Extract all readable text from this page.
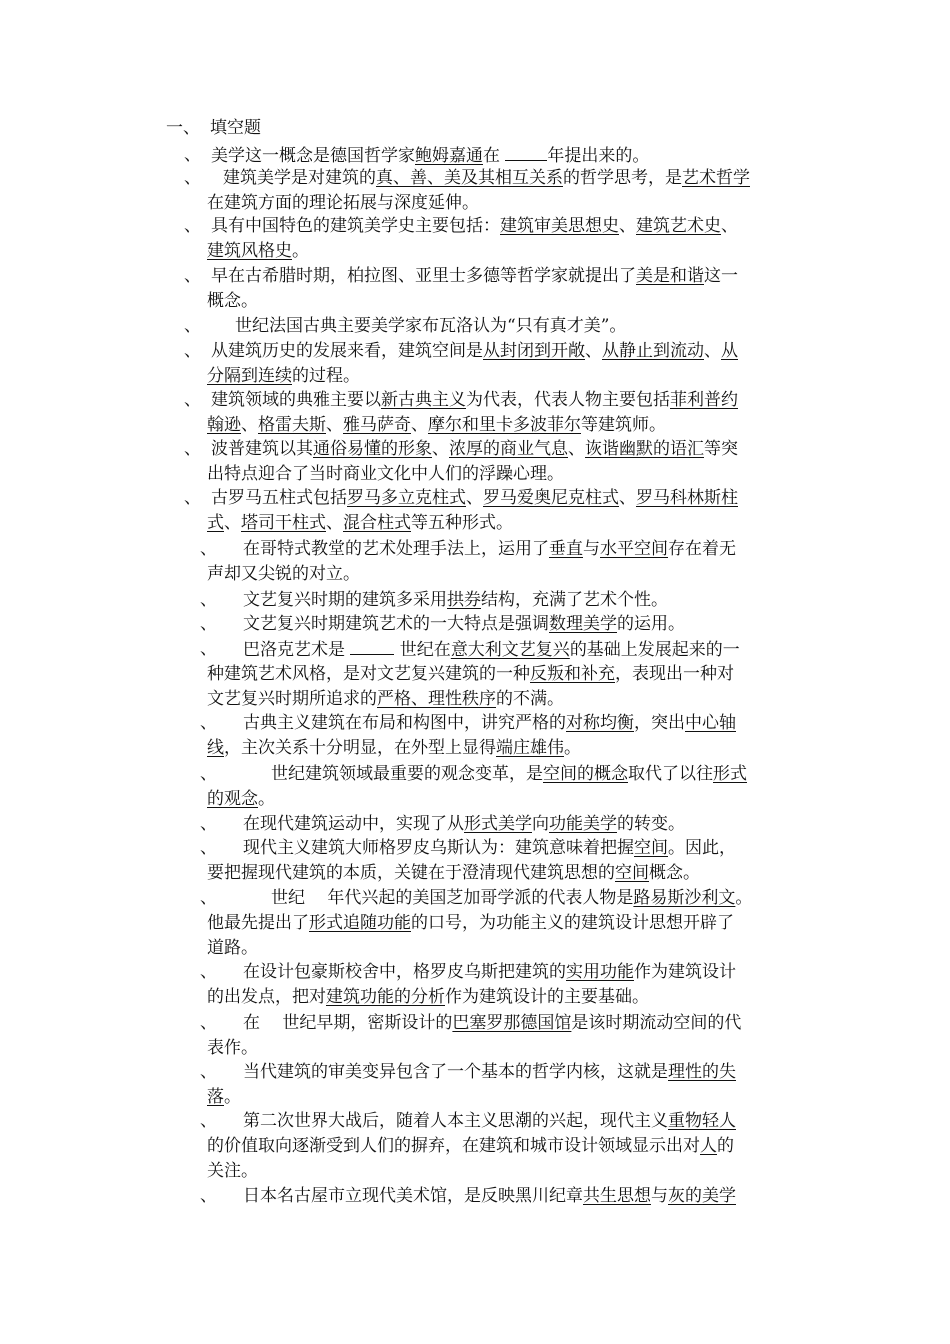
一、 填空题
、 美学这一概念是德国哲学家鲍姆嘉通在 年提出来的。
、	建筑美学是对建筑的真、善、美及其相互关系的哲学思考，是艺术哲学
在建筑方面的理论拓展与深度延伸。
、 具有中国特色的建筑美学史主要包括：建筑审美思想史、建筑艺术史、
建筑风格史。
、 早在古希腊时期，柏拉图、亚里士多德等哲学家就提出了美是和谐这一
概念。
、	世纪法国古典主要美学家布瓦洛认为“只有真才美”。
、 从建筑历史的发展来看，建筑空间是从封闭到开敞、从静止到流动、从
分隔到连续的过程。
、 建筑领域的典雅主要以新古典主义为代表，代表人物主要包括菲利普约
翰逊、格雷夫斯、雅马萨奇、摩尔和里卡多波菲尔等建筑师。
、 波普建筑以其通俗易懂的形象、浓厚的商业气息、诙谐幽默的语汇等突
出特点迎合了当时商业文化中人们的浮躁心理。
、 古罗马五柱式包括罗马多立克柱式、罗马爱奥尼克柱式、罗马科林斯柱
式、塔司干柱式、混合柱式等五种形式。
、	在哥特式教堂的艺术处理手法上，运用了垂直与水平空间存在着无
声却又尖锐的对立。
、	文艺复兴时期的建筑多采用拱券结构，充满了艺术个性。
、	文艺复兴时期建筑艺术的一大特点是强调数理美学的运用。
、	巴洛克艺术是	世纪在意大利文艺复兴的基础上发展起来的一
种建筑艺术风格，是对文艺复兴建筑的一种反叛和补充，表现出一种对
文艺复兴时期所追求的严格、理性秩序的不满。
、	古典主义建筑在布局和构图中，讲究严格的对称均衡，突出中心轴
线，主次关系十分明显，在外型上显得端庄雄伟。
、	世纪建筑领域最重要的观念变革，是空间的概念取代了以往形式
的观念。
、	在现代建筑运动中，实现了从形式美学向功能美学的转变。
、	现代主义建筑大师格罗皮乌斯认为：建筑意味着把握空间。因此，
要把握现代建筑的本质，关键在于澄清现代建筑思想的空间概念。
、	世纪　 年代兴起的美国芝加哥学派的代表人物是路易斯沙利文。
他最先提出了形式追随功能的口号，为功能主义的建筑设计思想开辟了
道路。
、	在设计包豪斯校舍中，格罗皮乌斯把建筑的实用功能作为建筑设计
的出发点，把对建筑功能的分析作为建筑设计的主要基础。
、	在　 世纪早期，密斯设计的巴塞罗那德国馆是该时期流动空间的代
表作。
、	当代建筑的审美变异包含了一个基本的哲学内核，这就是理性的失
落。
、	第二次世界大战后，随着人本主义思潮的兴起，现代主义重物轻人
的价值取向逐渐受到人们的摒弃，在建筑和城市设计领域显示出对人的
关注。
、	日本名古屋市立现代美术馆，是反映黑川纪章共生思想与灰的美学
